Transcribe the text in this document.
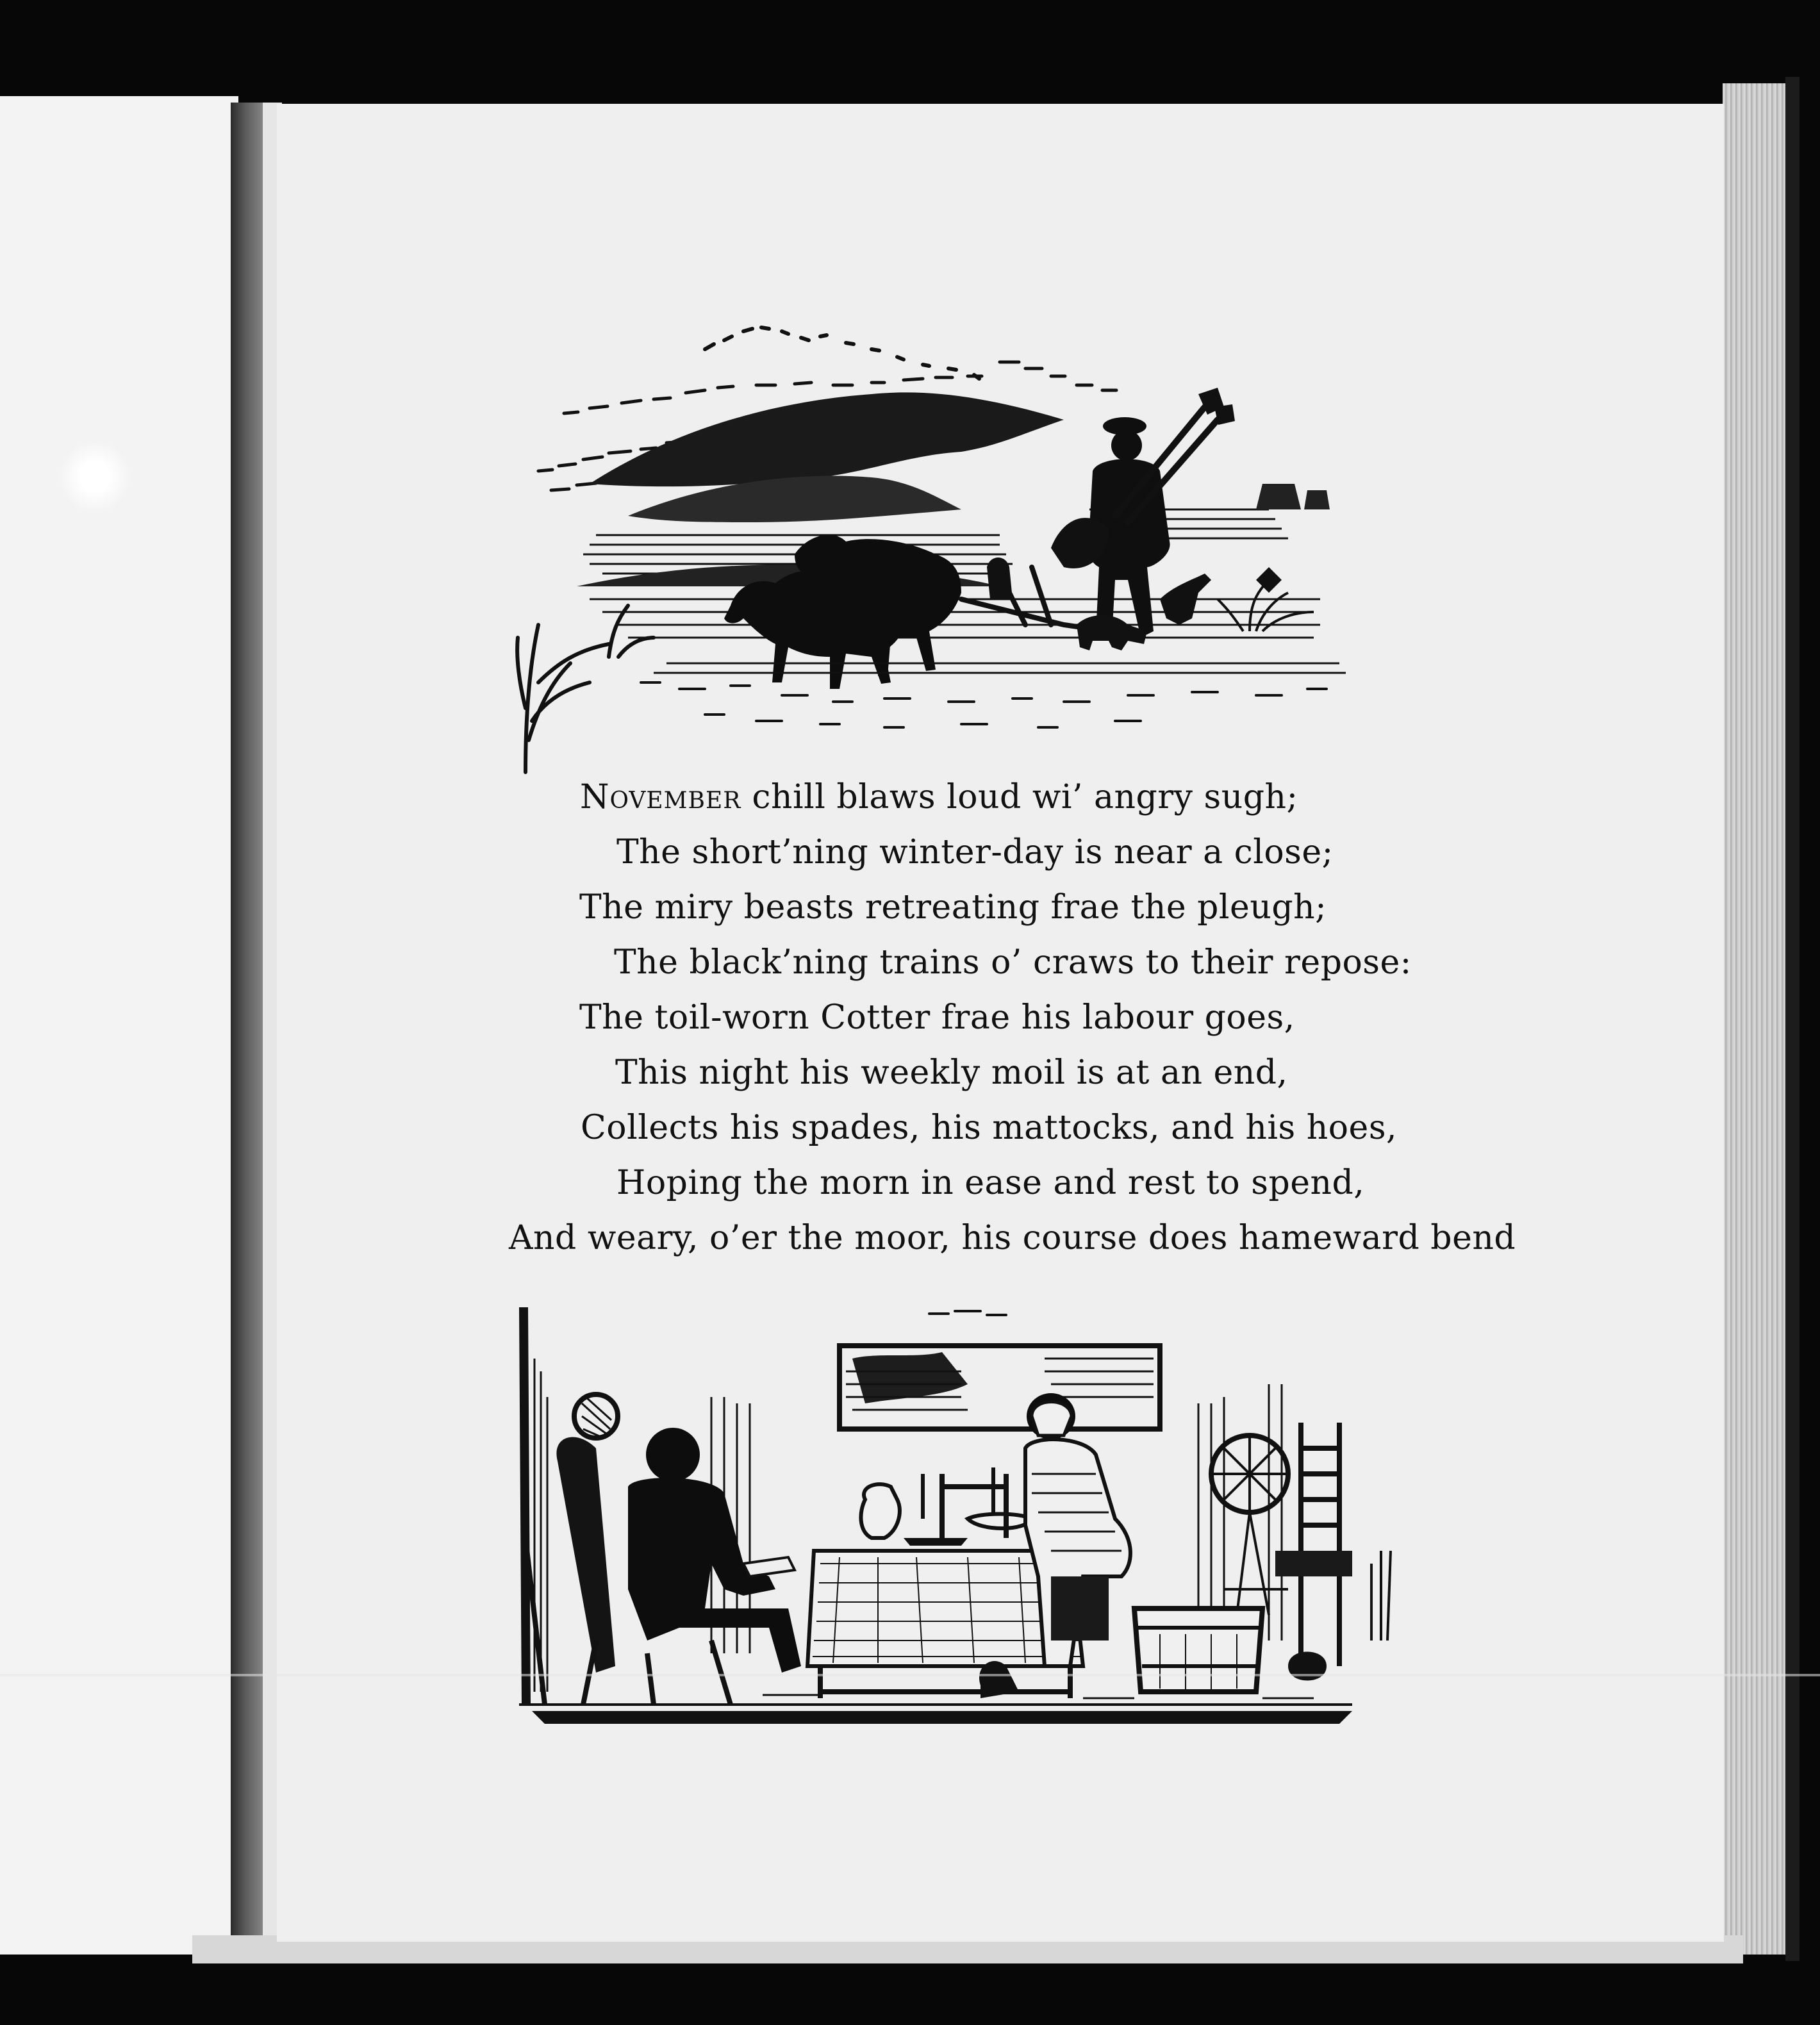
November chill blaws loud wi’ angry sugh;
The short’ning winter-day is near a close;
The miry beasts retreating frae the pleugh;
The black’ning trains o’ craws to their repose:
The toil-worn Cotter frae his labour goes,
This night his weekly moil is at an end,
Collects his spades, his mattocks, and his hoes,
Hoping the morn in ease and rest to spend,
And weary, o’er the moor, his course does hameward bend
